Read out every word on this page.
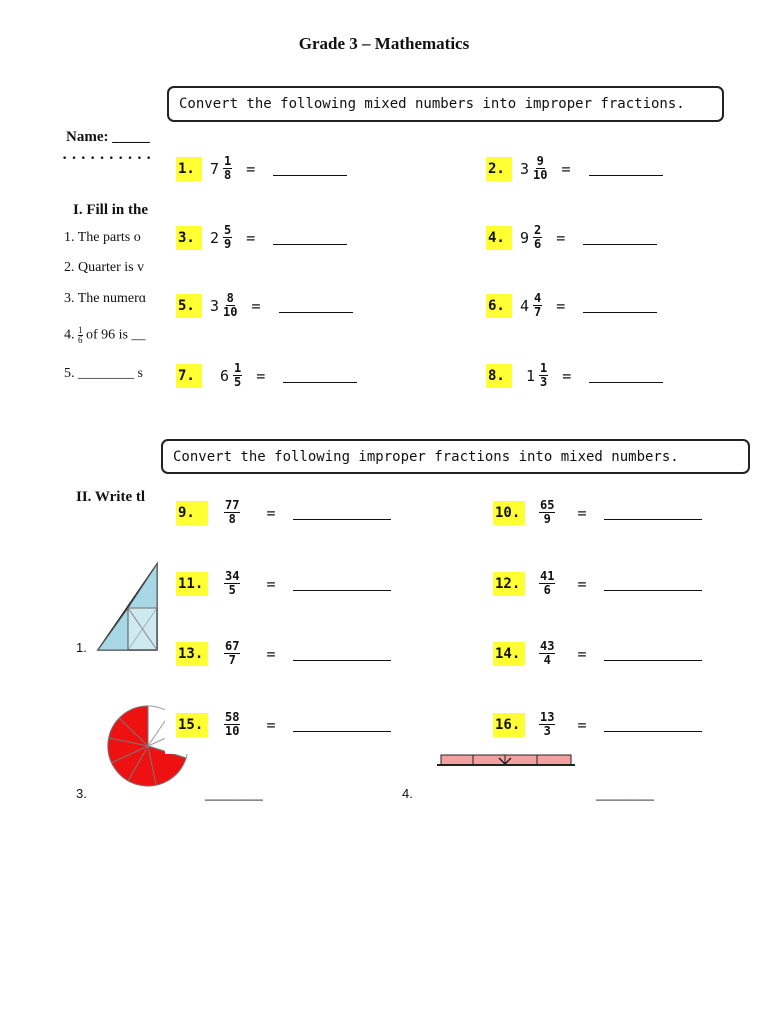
Grade 3 – Mathematics
Name: _____
· · · · · · · · · ·
I. Fill in the
1. The parts o
2. Quarter is v
3. The numerɑ
4. $\frac{1}{6}$ of 96 is __
5. ________ s
II. Write tl
1.
3.	________	4.	________
Convert the following mixed numbers into improper fractions.
1.	$7 \frac{1}{8}$ =	2.	$3 \frac{9}{10}$ =
3.	$2 \frac{5}{9}$ =	4.	$9 \frac{2}{6}$ =
5.	$3 \frac{8}{10}$ =	6.	$4 \frac{4}{7}$ =
7.	$6 \frac{1}{5}$ =	8.	$1 \frac{1}{3}$ =
Convert the following improper fractions into mixed numbers.
9.	$\frac{77}{8}$ =	10.	$\frac{65}{9}$ =
11.	$\frac{34}{5}$ =	12.	$\frac{41}{6}$ =
13.	$\frac{67}{7}$ =	14.	$\frac{43}{4}$ =
15.	$\frac{58}{10}$ =	16.	$\frac{13}{3}$ =
